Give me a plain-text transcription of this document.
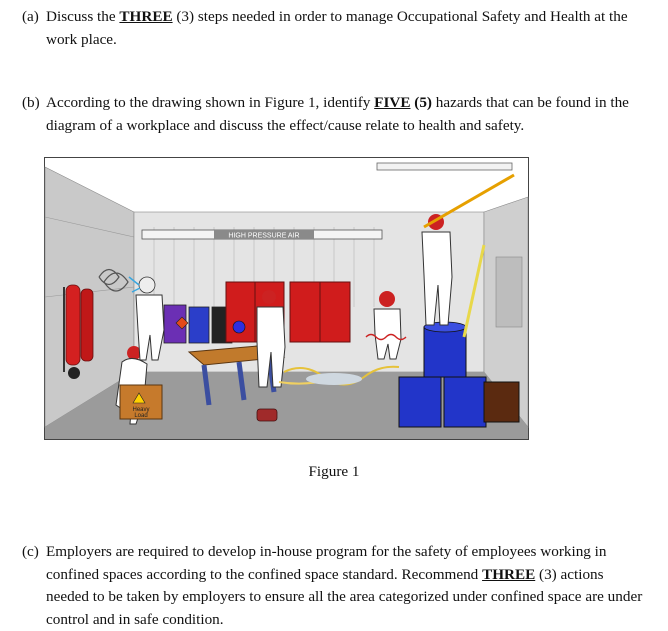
(a) Discuss the THREE (3) steps needed in order to manage Occupational Safety and Health at the work place.
(b) According to the drawing shown in Figure 1, identify FIVE (5) hazards that can be found in the diagram of a workplace and discuss the effect/cause relate to health and safety.
HIGH PRESSURE AIR
Heavy
Load
Figure 1
(c) Employers are required to develop in-house program for the safety of employees working in confined spaces according to the confined space standard. Recommend THREE (3) actions needed to be taken by employers to ensure all the area categorized under confined space are under control and in safe condition.
